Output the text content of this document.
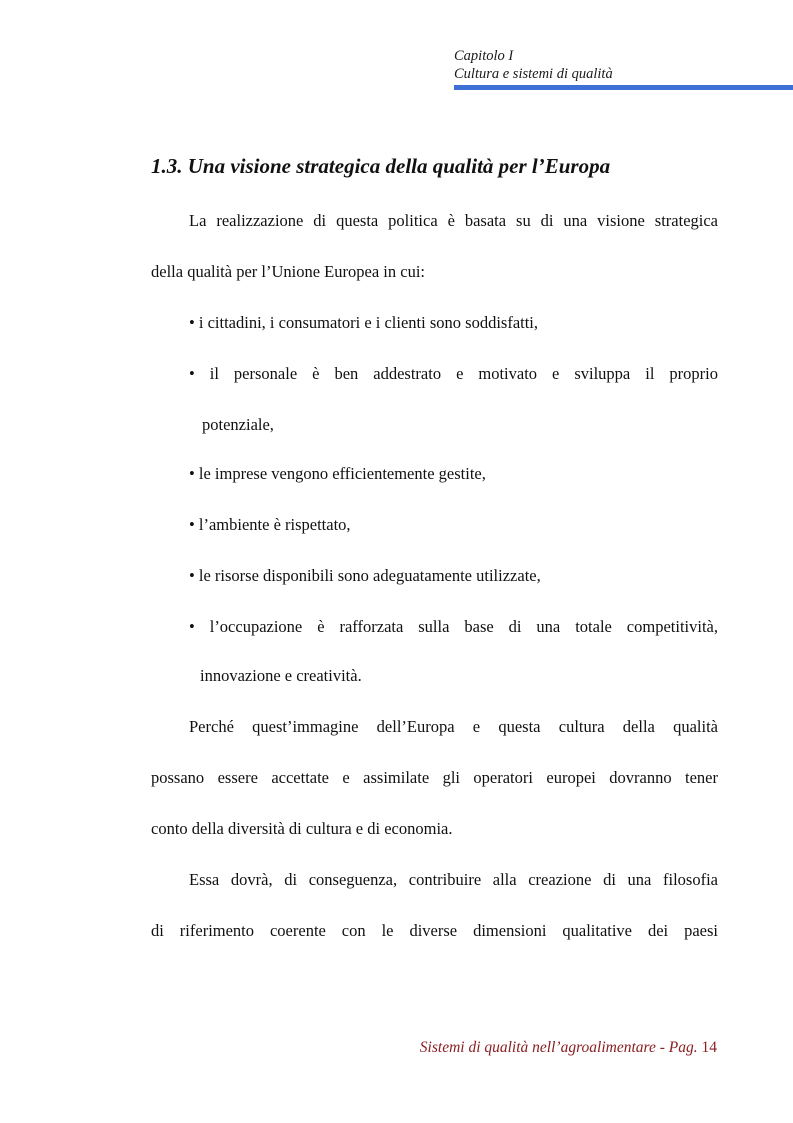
Capitolo I
Cultura e sistemi di qualità
1.3. Una visione strategica della qualità per l’Europa
La realizzazione di questa politica è basata su di una visione strategica
della qualità per l’Unione Europea in cui:
• i cittadini, i consumatori e i clienti sono soddisfatti,
• il personale è ben addestrato e motivato e sviluppa il proprio
potenziale,
• le imprese vengono efficientemente gestite,
• l’ambiente è rispettato,
• le risorse disponibili sono adeguatamente utilizzate,
• l’occupazione è rafforzata sulla base di una totale competitività,
innovazione e creatività.
Perché quest’immagine dell’Europa e questa cultura della qualità
possano essere accettate e assimilate gli operatori europei dovranno tener
conto della diversità di cultura e di economia.
Essa dovrà, di conseguenza, contribuire alla creazione di una filosofia
di riferimento coerente con le diverse dimensioni qualitative dei paesi
Sistemi di qualità nell’agroalimentare - Pag. 14
